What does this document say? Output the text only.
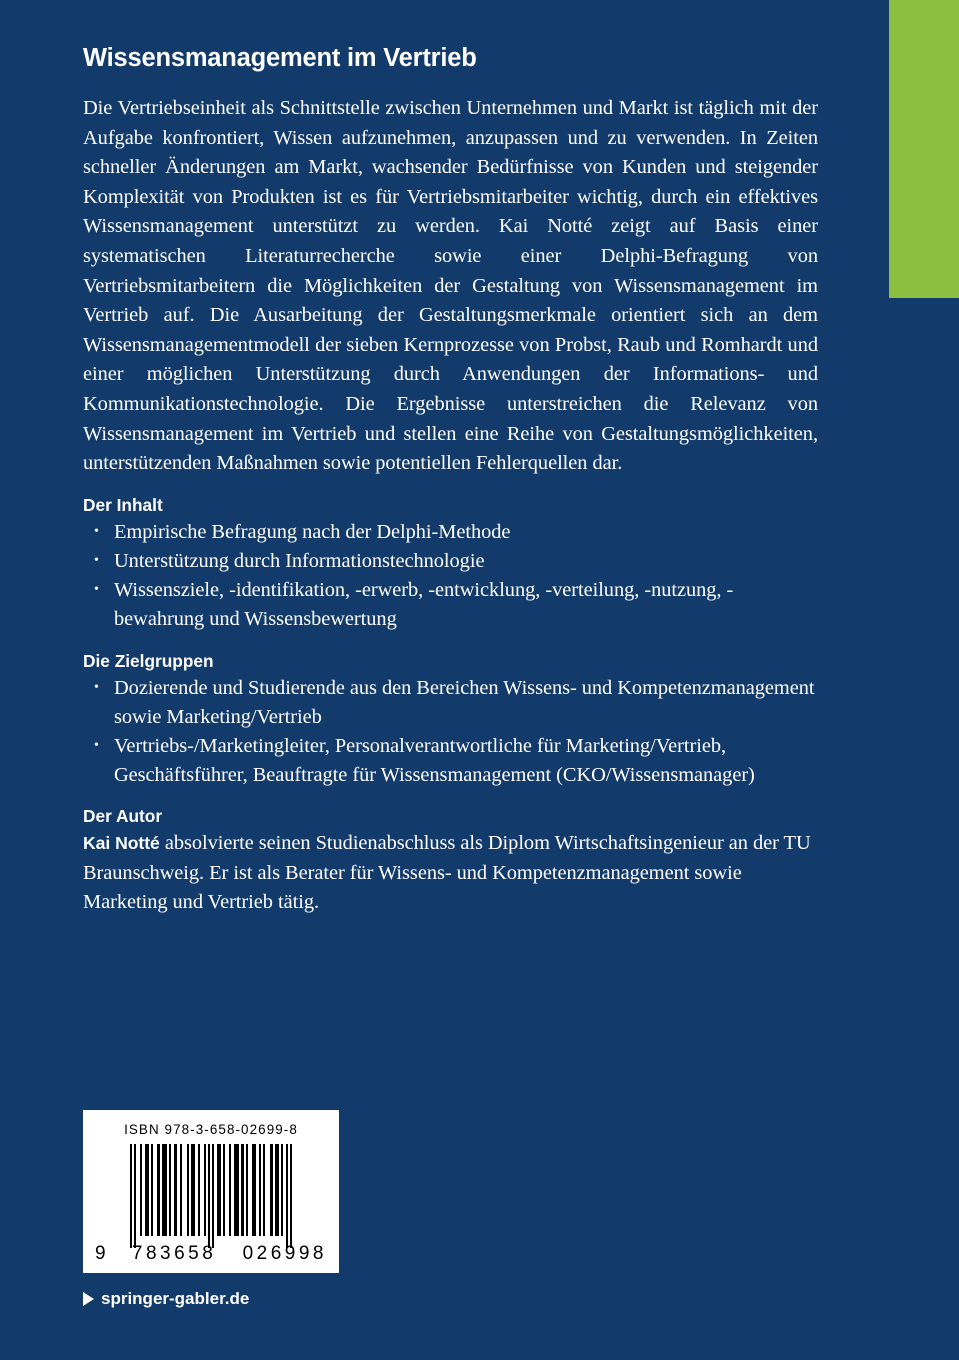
Wissensmanagement im Vertrieb

Die Vertriebseinheit als Schnittstelle zwischen Unternehmen und Markt ist täglich mit der Aufgabe konfrontiert, Wissen aufzunehmen, anzupassen und zu verwenden. In Zeiten schneller Änderungen am Markt, wachsender Bedürfnisse von Kunden und steigender Komplexität von Produkten ist es für Vertriebsmitarbeiter wichtig, durch ein effektives Wissensmanagement unterstützt zu werden. Kai Notté zeigt auf Basis einer systematischen Literaturrecherche sowie einer Delphi-Befragung von Vertriebsmitarbeitern die Möglichkeiten der Gestaltung von Wissensmanagement im Vertrieb auf. Die Ausarbeitung der Gestaltungsmerkmale orientiert sich an dem Wissensmanagementmodell der sieben Kernprozesse von Probst, Raub und Romhardt und einer möglichen Unterstützung durch Anwendungen der Informations- und Kommunikationstechnologie. Die Ergebnisse unterstreichen die Relevanz von Wissensmanagement im Vertrieb und stellen eine Reihe von Gestaltungsmöglichkeiten, unterstützenden Maßnahmen sowie potentiellen Fehlerquellen dar.

Der Inhalt
• Empirische Befragung nach der Delphi-Methode
• Unterstützung durch Informationstechnologie
• Wissensziele, -identifikation, -erwerb, -entwicklung, -verteilung, -nutzung, -bewahrung und Wissensbewertung
Die Zielgruppen
• Dozierende und Studierende aus den Bereichen Wissens- und Kompetenzmanagement sowie Marketing/Vertrieb
• Vertriebs-/Marketingleiter, Personalverantwortliche für Marketing/Vertrieb, Geschäftsführer, Beauftragte für Wissensmanagement (CKO/Wissensmanager)
Der Autor

Kai Notté absolvierte seinen Studienabschluss als Diplom Wirtschaftsingenieur an der TU Braunschweig. Er ist als Berater für Wissens- und Kompetenzmanagement sowie Marketing und Vertrieb tätig.

ISBN 978-3-658-02699-8
9 783658 026998
springer-gabler.de
